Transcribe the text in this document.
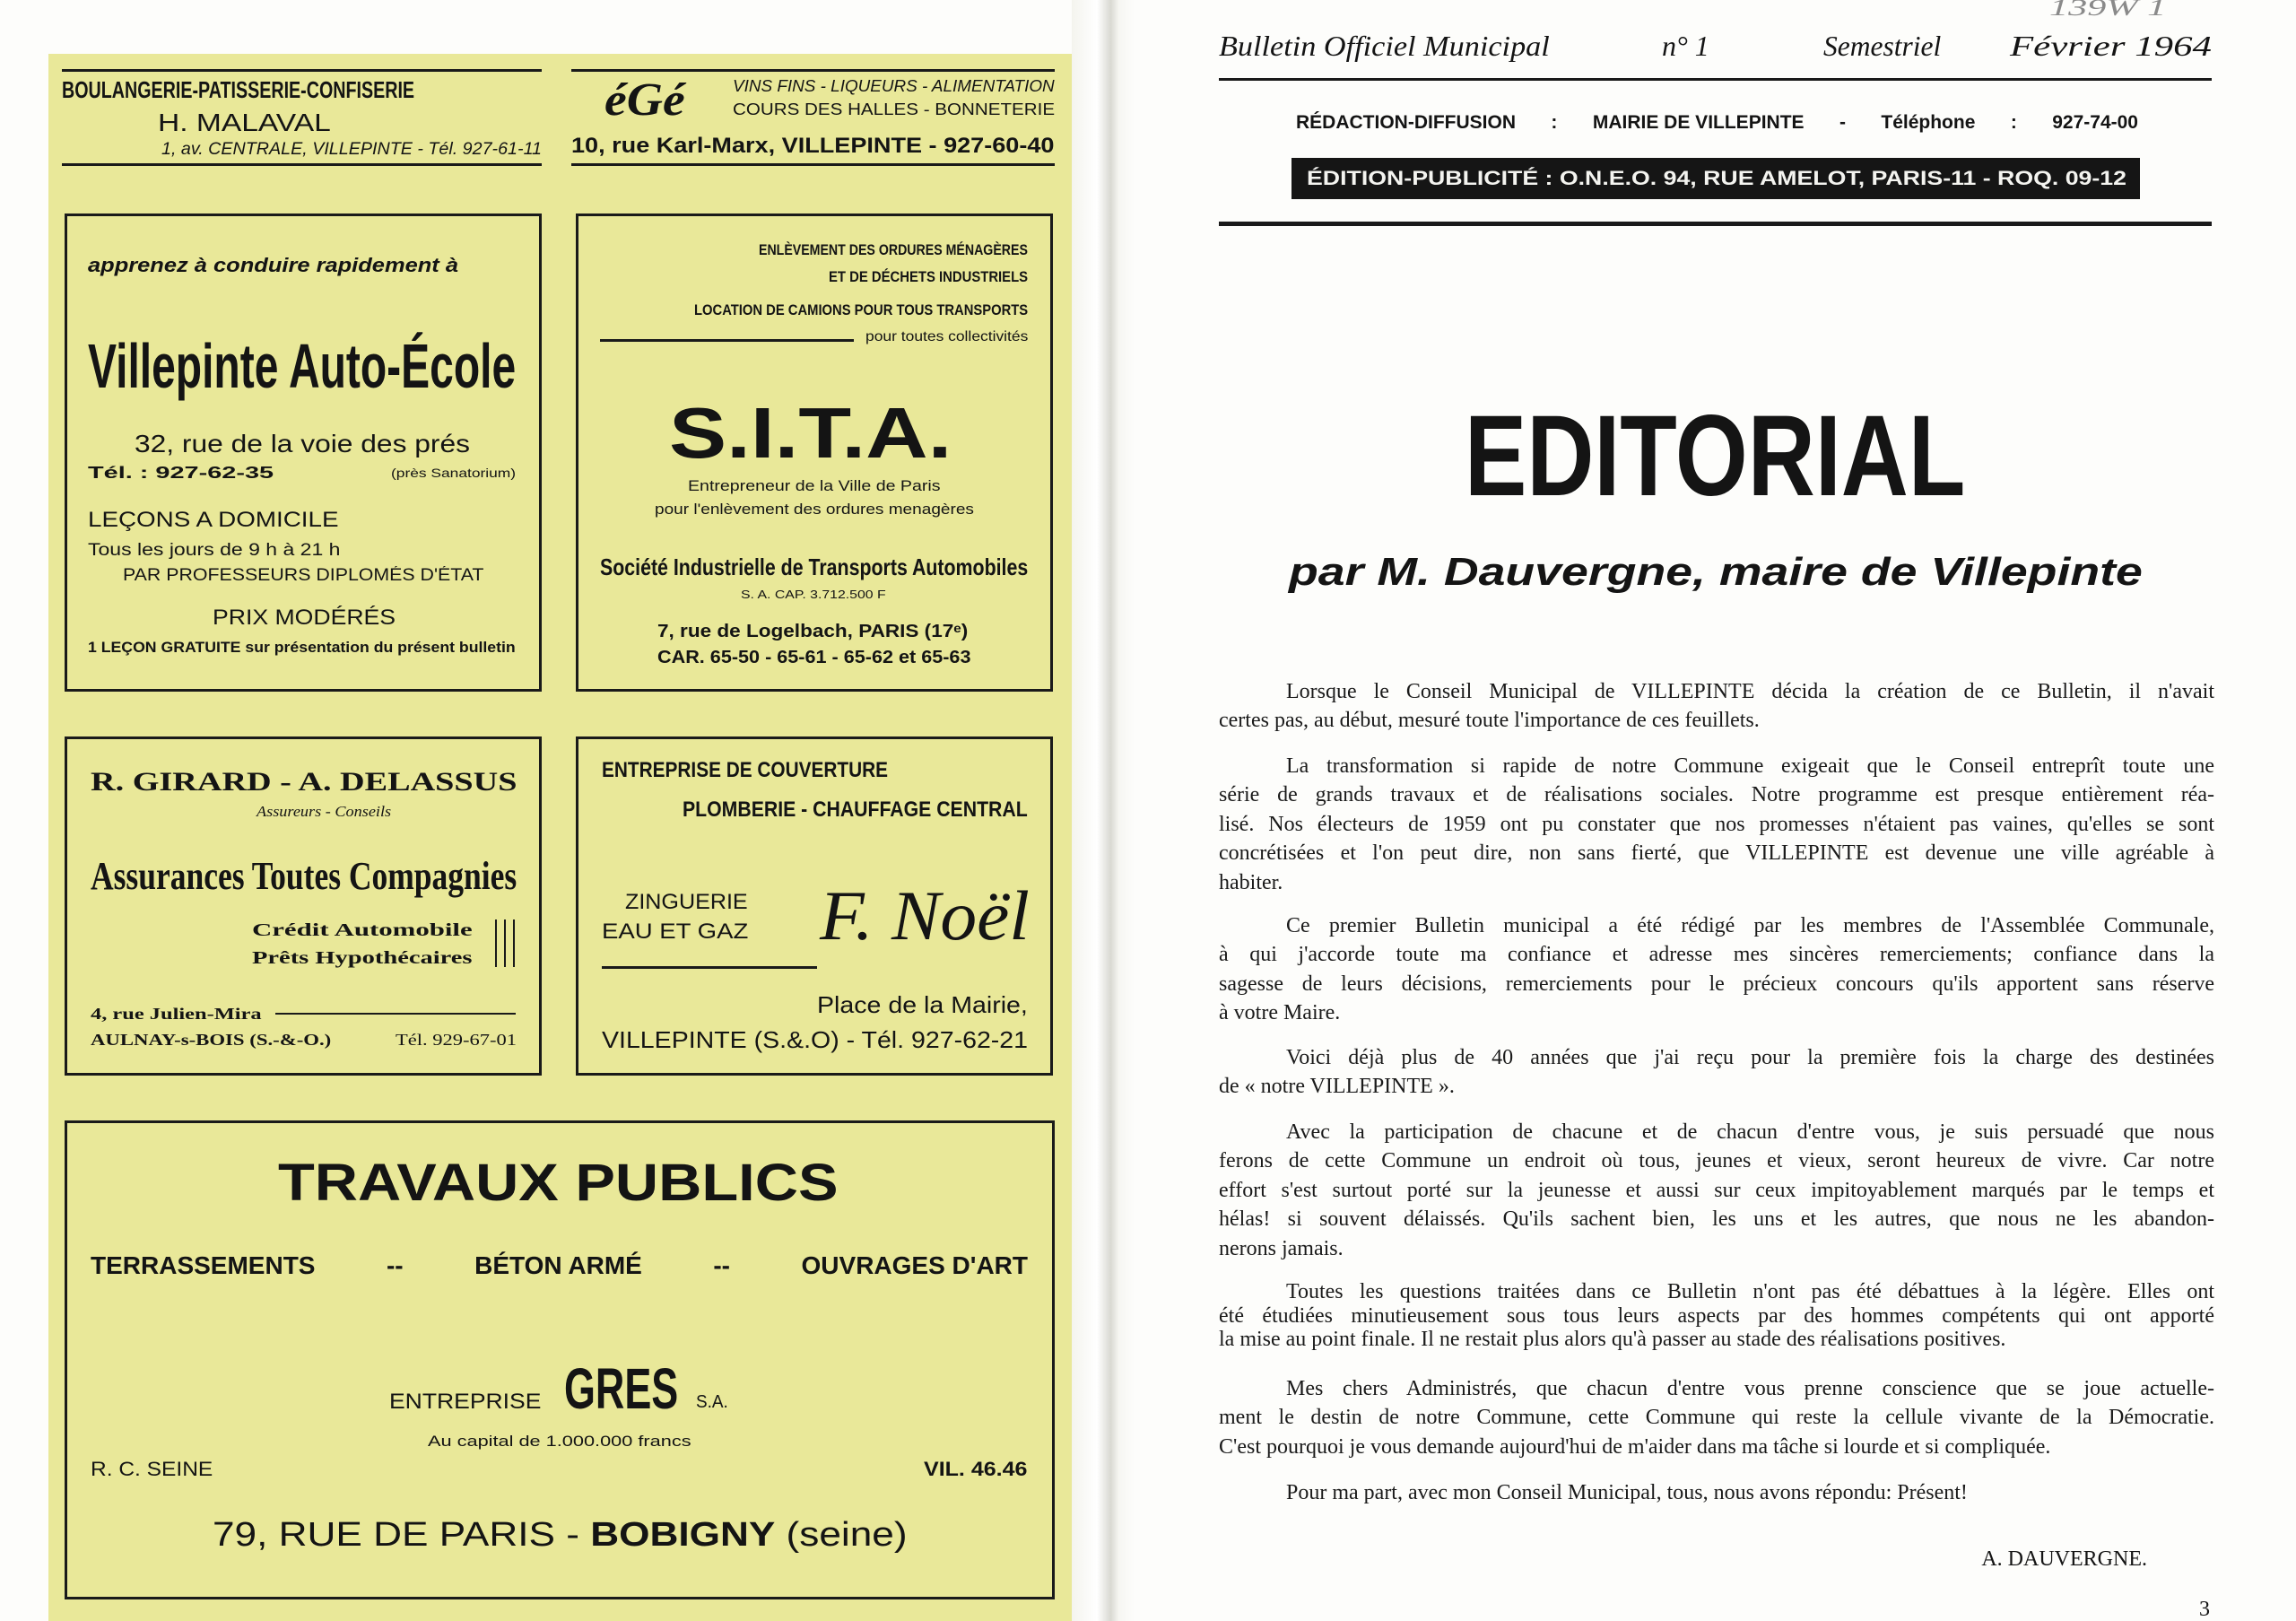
BOULANGERIE-PATISSERIE-CONFISERIE
H. MALAVAL
1, av. CENTRALE, VILLEPINTE - Tél. 927-61-11
éGé	VINS FINS - LIQUEURS - ALIMENTATION
COURS DES HALLES - BONNETERIE
10, rue Karl-Marx, VILLEPINTE - 927-60-40
apprenez à conduire rapidement à
Villepinte Auto-École
32, rue de la voie des prés
Tél. : 927-62-35	(près Sanatorium)
LEÇONS A DOMICILE
Tous les jours de 9 h à 21 h
PAR PROFESSEURS DIPLOMÉS D'ÉTAT
PRIX MODÉRÉS
1 LEÇON GRATUITE sur présentation du présent bulletin
ENLÈVEMENT DES ORDURES MÉNAGÈRES
ET DE DÉCHETS INDUSTRIELS
LOCATION DE CAMIONS POUR TOUS TRANSPORTS
pour toutes collectivités
S.I.T.A.
Entrepreneur de la Ville de Paris
pour l'enlèvement des ordures menagères
Société Industrielle de Transports Automobiles
S. A. CAP. 3.712.500 F
7, rue de Logelbach, PARIS (17ᵉ)
CAR. 65-50 - 65-61 - 65-62 et 65-63
R. GIRARD - A. DELASSUS
Assureurs - Conseils
Assurances Toutes Compagnies
Crédit Automobile
Prêts Hypothécaires
4, rue Julien-Mira
AULNAY-s-BOIS (S.-&-O.)	Tél. 929-67-01
ENTREPRISE DE COUVERTURE
PLOMBERIE - CHAUFFAGE CENTRAL
ZINGUERIE
EAU ET GAZ F. Noël
Place de la Mairie,
VILLEPINTE (S.&.O) - Tél. 927-62-21
TRAVAUX PUBLICS
TERRASSEMENTS	--	BÉTON ARMÉ	--	OUVRAGES D'ART
ENTREPRISE GRES S.A.
Au capital de 1.000.000 francs
R. C. SEINE	VIL. 46.46
79, RUE DE PARIS - BOBIGNY (seine)
139W 1
Bulletin Officiel Municipal	n° 1	Semestriel Février 1964
RÉDACTION-DIFFUSION : MAIRIE DE VILLEPINTE - Téléphone : 927-74-00
ÉDITION-PUBLICITÉ : O.N.E.O. 94, RUE AMELOT, PARIS-11 - ROQ. 09-12
EDITORIAL
par M. Dauvergne, maire de Villepinte
Lorsque le Conseil Municipal de VILLEPINTE décida la création de ce Bulletin, il n'avait
certes pas, au début, mesuré toute l'importance de ces feuillets.
La transformation si rapide de notre Commune exigeait que le Conseil entreprît toute une
série de grands travaux et de réalisations sociales. Notre programme est presque entièrement réa-
lisé. Nos électeurs de 1959 ont pu constater que nos promesses n'étaient pas vaines, qu'elles se sont
concrétisées et l'on peut dire, non sans fierté, que VILLEPINTE est devenue une ville agréable à
habiter.
Ce premier Bulletin municipal a été rédigé par les membres de l'Assemblée Communale,
à qui j'accorde toute ma confiance et adresse mes sincères remerciements; confiance dans la
sagesse de leurs décisions, remerciements pour le précieux concours qu'ils apportent sans réserve
à votre Maire.
Voici déjà plus de 40 années que j'ai reçu pour la première fois la charge des destinées
de « notre VILLEPINTE ».
Avec la participation de chacune et de chacun d'entre vous, je suis persuadé que nous
ferons de cette Commune un endroit où tous, jeunes et vieux, seront heureux de vivre. Car notre
effort s'est surtout porté sur la jeunesse et aussi sur ceux impitoyablement marqués par le temps et
hélas! si souvent délaissés. Qu'ils sachent bien, les uns et les autres, que nous ne les abandon-
nerons jamais.
Toutes les questions traitées dans ce Bulletin n'ont pas été débattues à la légère. Elles ont
été étudiées minutieusement sous tous leurs aspects par des hommes compétents qui ont apporté
la mise au point finale. Il ne restait plus alors qu'à passer au stade des réalisations positives.
Mes chers Administrés, que chacun d'entre vous prenne conscience que se joue actuelle-
ment le destin de notre Commune, cette Commune qui reste la cellule vivante de la Démocratie.
C'est pourquoi je vous demande aujourd'hui de m'aider dans ma tâche si lourde et si compliquée.
Pour ma part, avec mon Conseil Municipal, tous, nous avons répondu: Présent!
A. DAUVERGNE.
3
